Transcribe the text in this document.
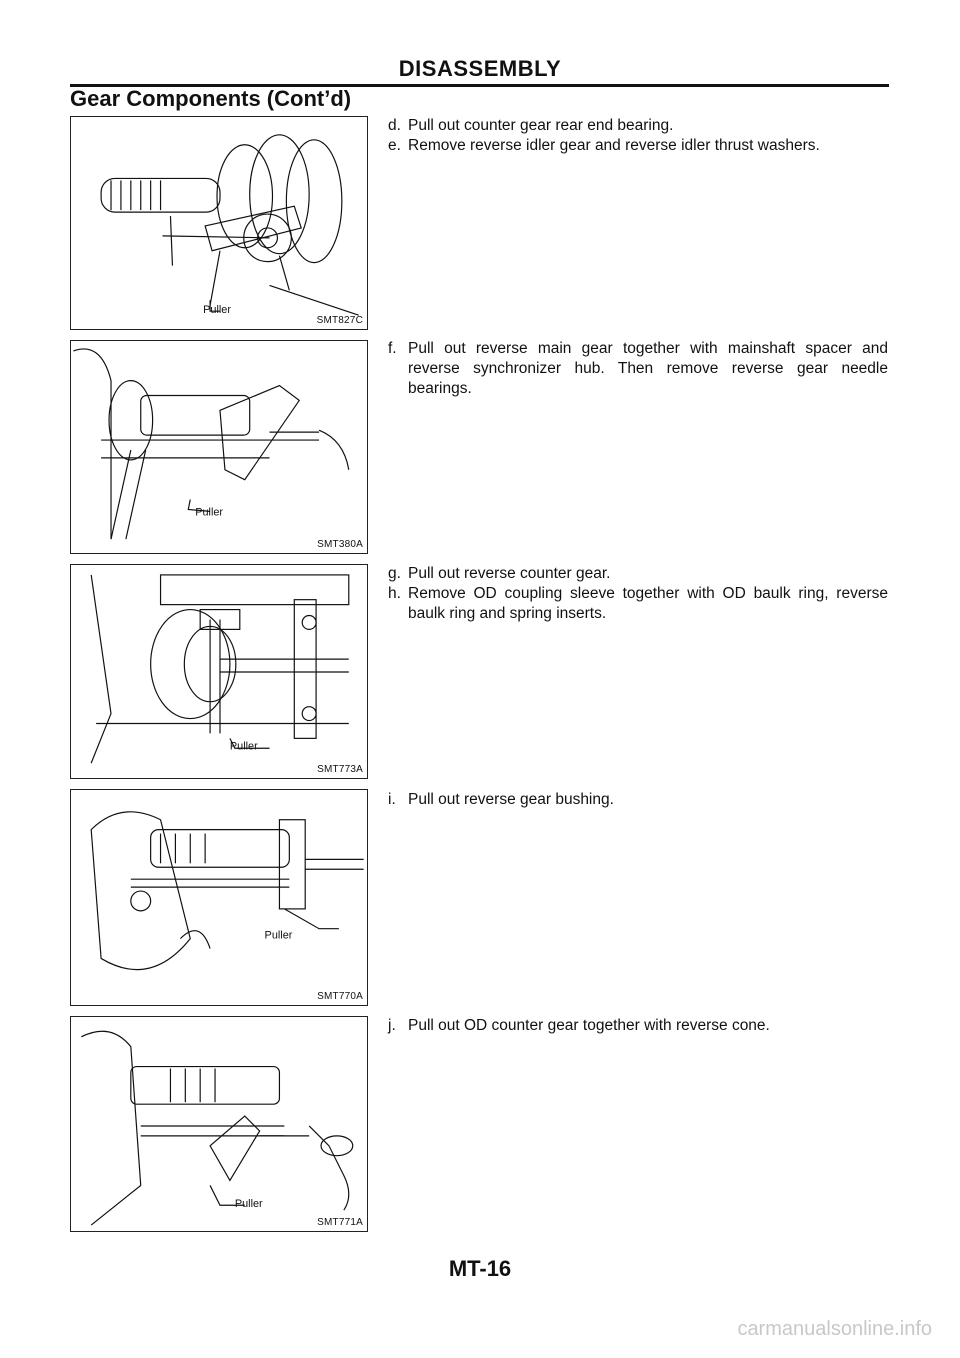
DISASSEMBLY
Gear Components (Cont’d)
Puller
SMT827C
Puller
SMT380A
Puller
SMT773A
Puller
SMT770A
Puller
SMT771A

d. Pull out counter gear rear end bearing.

e. Remove reverse idler gear and reverse idler thrust washers.

f. Pull out reverse main gear together with mainshaft spacer and reverse synchronizer hub. Then remove reverse gear needle bearings.

g. Pull out reverse counter gear.

h. Remove OD coupling sleeve together with OD baulk ring, reverse baulk ring and spring inserts.

i. Pull out reverse gear bushing.

j. Pull out OD counter gear together with reverse cone.

MT-16
carmanualsonline.info
